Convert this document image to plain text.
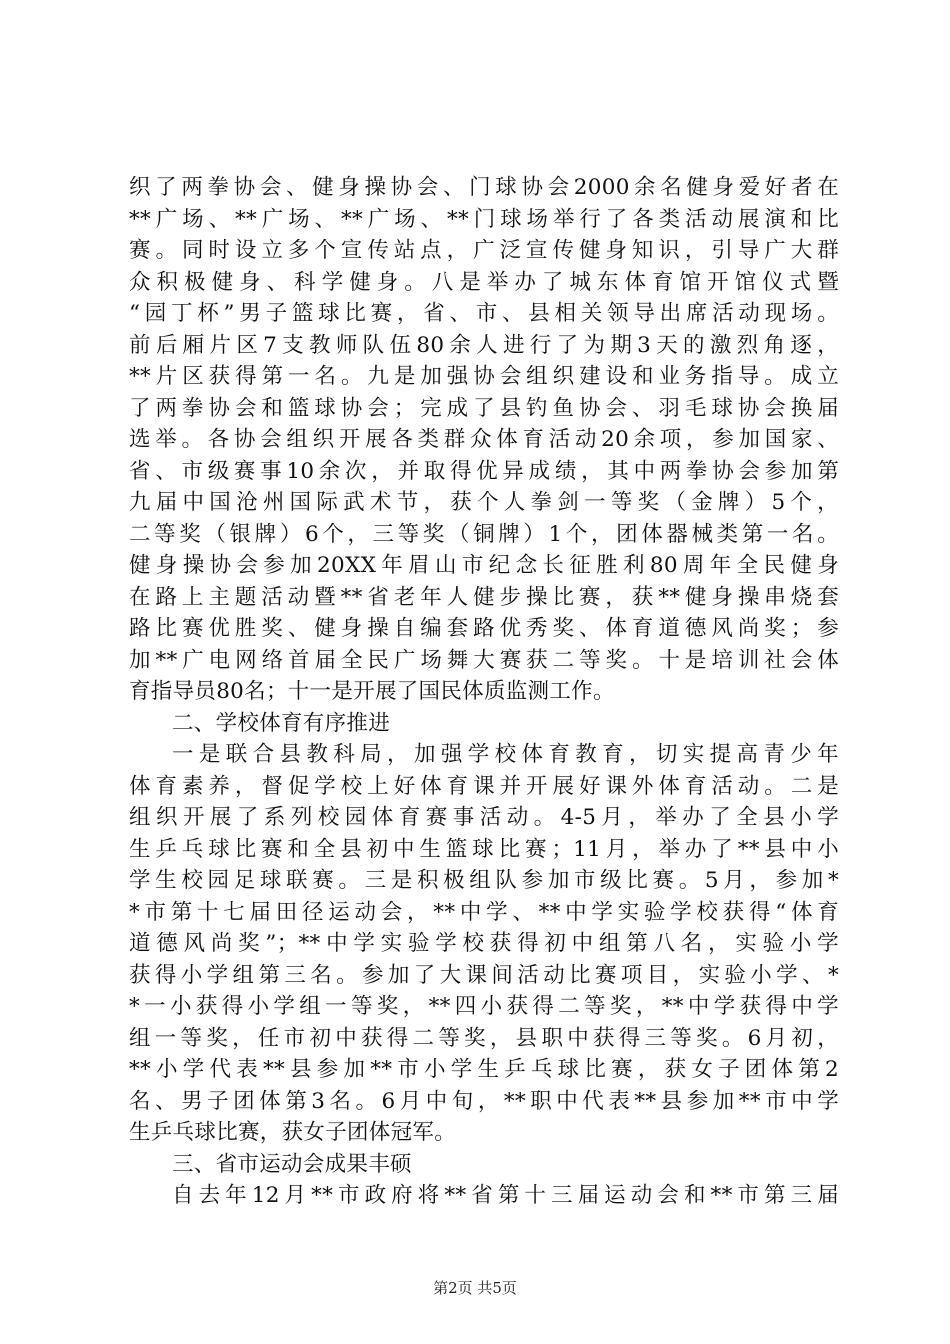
织了两拳协会、健身操协会、门球协会2000余名健身爱好者在
**广场、**广场、**广场、**门球场举行了各类活动展演和比
赛。同时设立多个宣传站点，广泛宣传健身知识，引导广大群
众积极健身、科学健身。八是举办了城东体育馆开馆仪式暨
“园丁杯”男子篮球比赛，省、市、县相关领导出席活动现场。
前后厢片区7支教师队伍80余人进行了为期3天的激烈角逐，
**片区获得第一名。九是加强协会组织建设和业务指导。成立
了两拳协会和篮球协会；完成了县钓鱼协会、羽毛球协会换届
选举。各协会组织开展各类群众体育活动20余项，参加国家、
省、市级赛事10余次，并取得优异成绩，其中两拳协会参加第
九届中国沧州国际武术节，获个人拳剑一等奖（金牌）5个，
二等奖（银牌）6个，三等奖（铜牌）1个，团体器械类第一名。
健身操协会参加20XX年眉山市纪念长征胜利80周年全民健身
在路上主题活动暨**省老年人健步操比赛，获**健身操串烧套
路比赛优胜奖、健身操自编套路优秀奖、体育道德风尚奖；参
加**广电网络首届全民广场舞大赛获二等奖。十是培训社会体
育指导员80名；十一是开展了国民体质监测工作。
二、学校体育有序推进
一是联合县教科局，加强学校体育教育，切实提高青少年
体育素养，督促学校上好体育课并开展好课外体育活动。二是
组织开展了系列校园体育赛事活动。4-5月，举办了全县小学
生乒乓球比赛和全县初中生篮球比赛；11月，举办了**县中小
学生校园足球联赛。三是积极组队参加市级比赛。5月，参加*
*市第十七届田径运动会，**中学、**中学实验学校获得“体育
道德风尚奖”；**中学实验学校获得初中组第八名，实验小学
获得小学组第三名。参加了大课间活动比赛项目，实验小学、*
*一小获得小学组一等奖，**四小获得二等奖，**中学获得中学
组一等奖，任市初中获得二等奖，县职中获得三等奖。6月初，
**小学代表**县参加**市小学生乒乓球比赛，获女子团体第2
名、男子团体第3名。6月中旬，**职中代表**县参加**市中学
生乒乓球比赛，获女子团体冠军。
三、省市运动会成果丰硕
自去年12月**市政府将**省第十三届运动会和**市第三届
第2页 共5页
